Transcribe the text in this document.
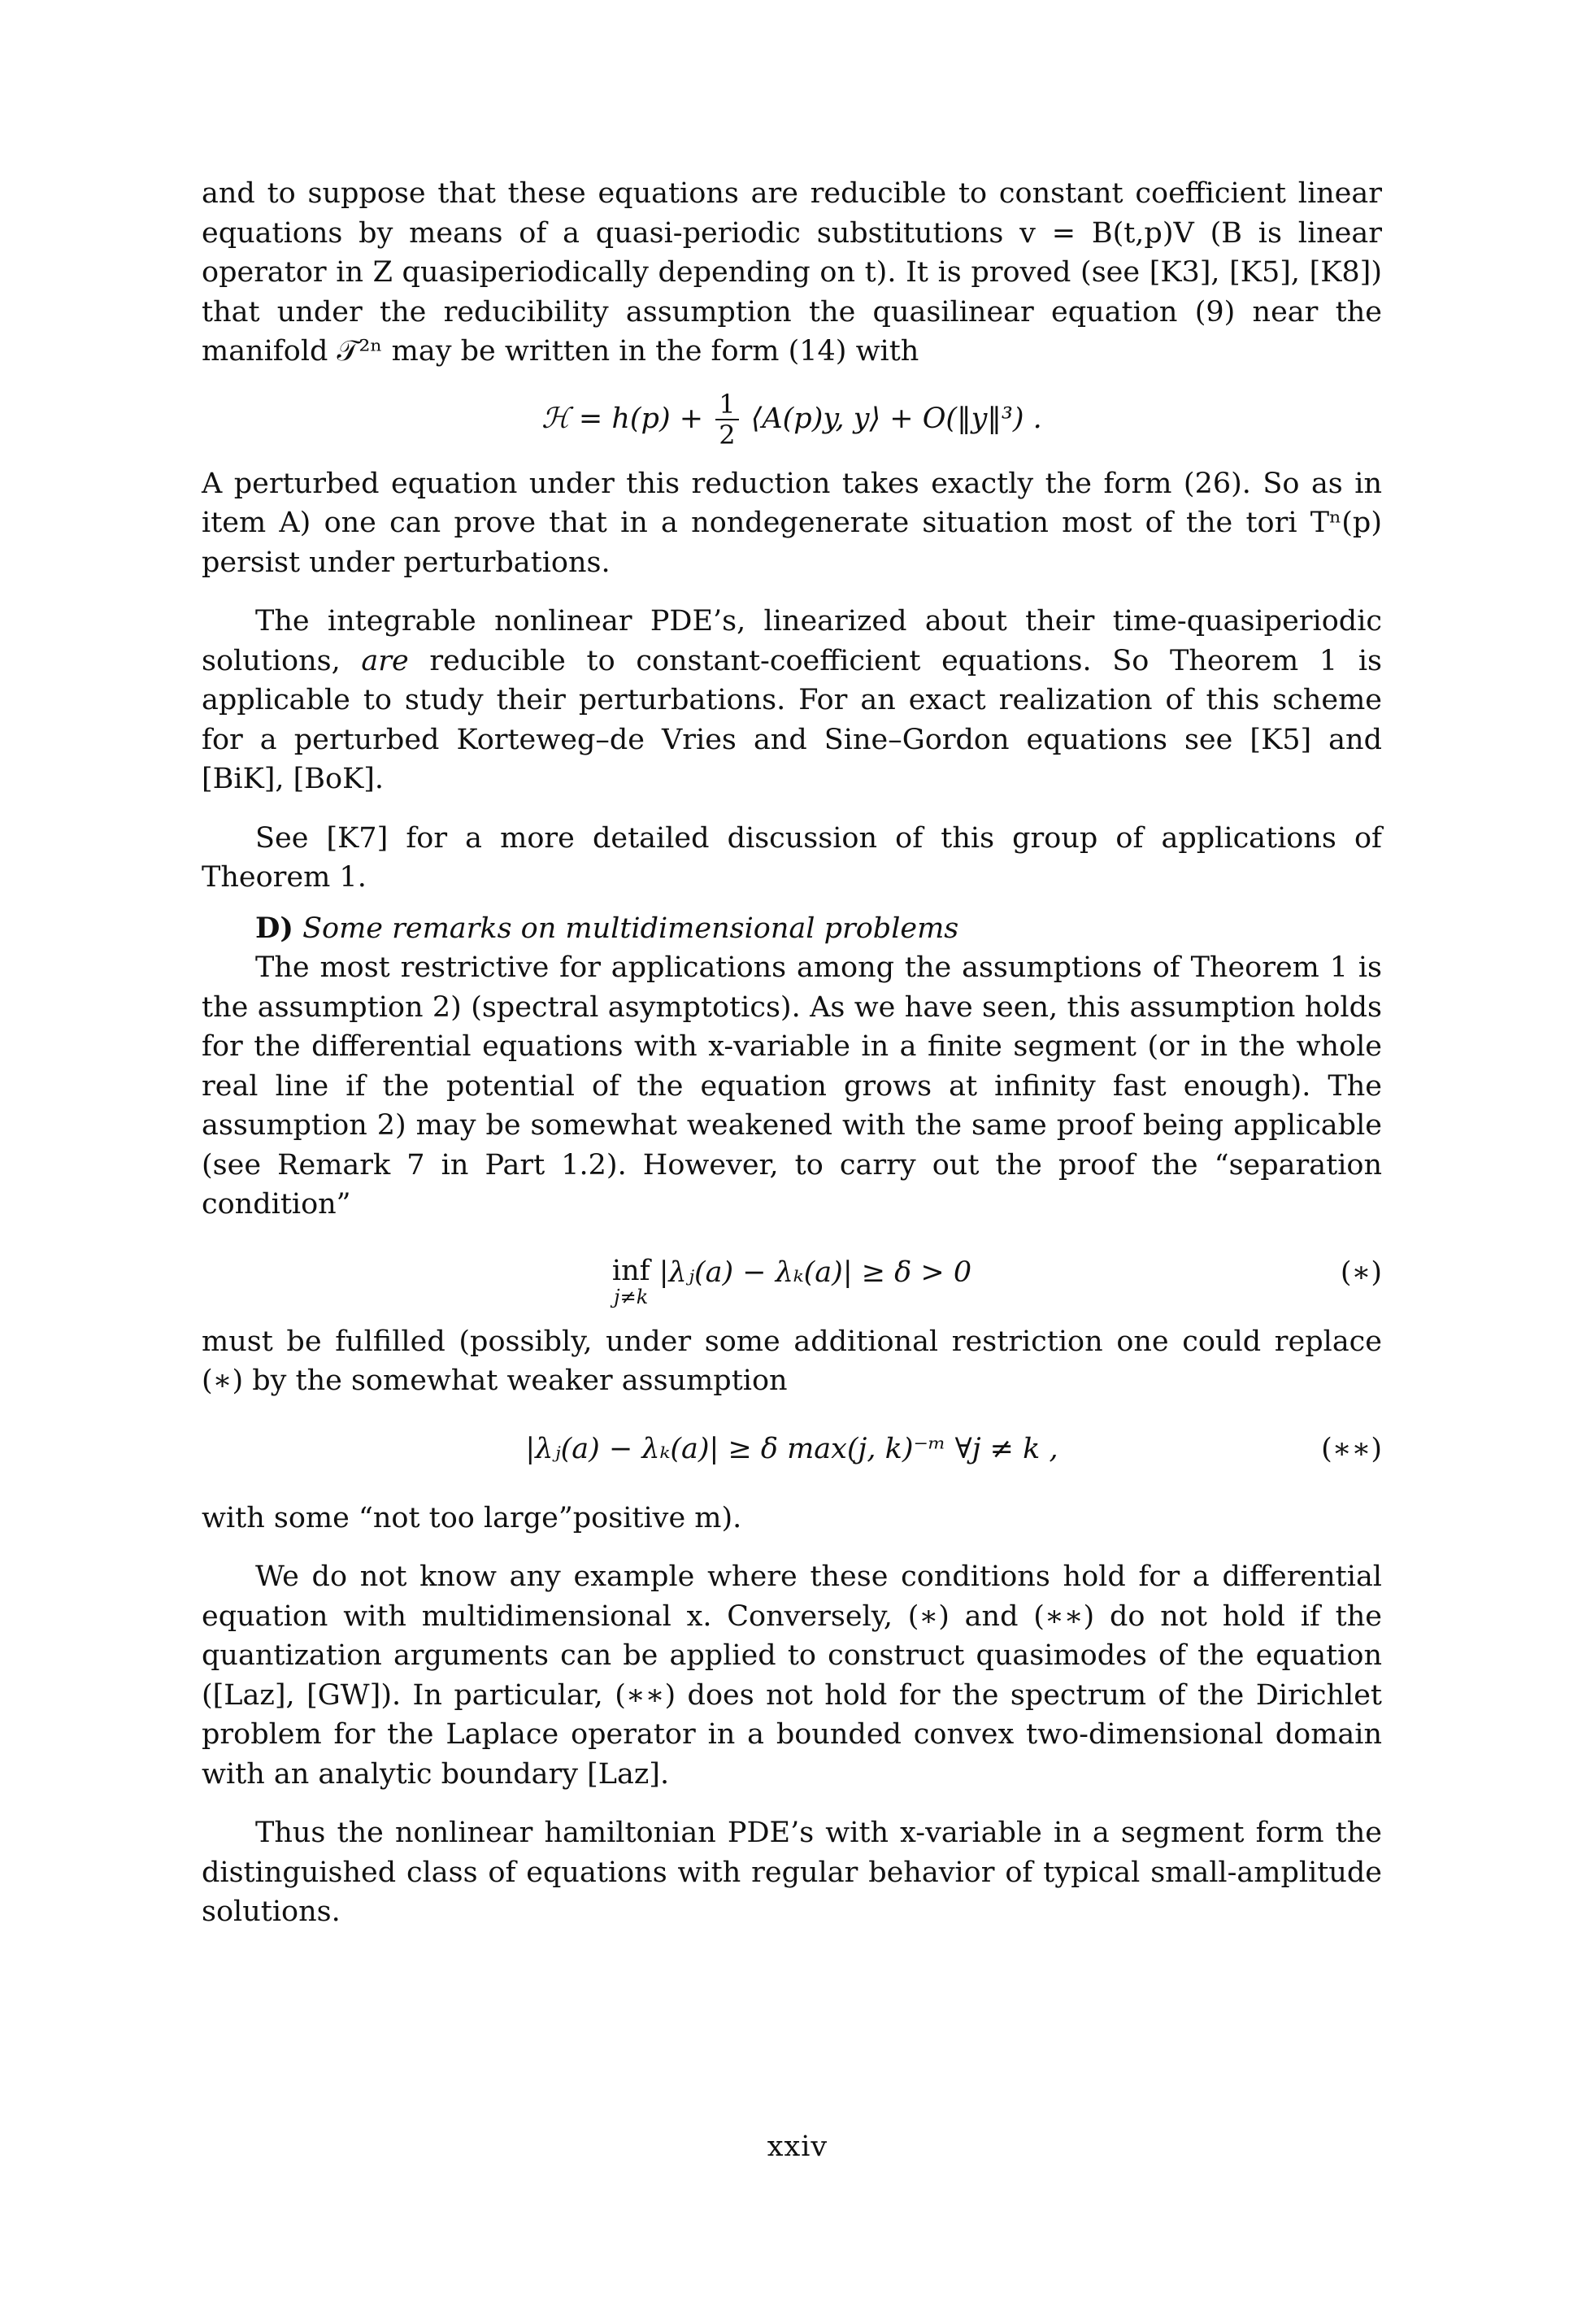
and to suppose that these equations are reducible to constant coefficient linear equations by means of a quasi-periodic substitutions v = B(t,p)V (B is linear operator in Z quasiperiodically depending on t). It is proved (see [K3], [K5], [K8]) that under the reducibility assumption the quasilinear equation (9) near the manifold 𝒯²ⁿ may be written in the form (14) with

ℋ = $h(p) + \frac{1}{2}$ ⟨A(p)y, y⟩ + O(‖y‖³) .

A perturbed equation under this reduction takes exactly the form (26). So as in item A) one can prove that in a nondegenerate situation most of the tori Tⁿ(p) persist under perturbations.

The integrable nonlinear PDE’s, linearized about their time-quasiperiodic solutions, are reducible to constant-coefficient equations. So Theorem 1 is applicable to study their perturbations. For an exact realization of this scheme for a perturbed Korteweg–de Vries and Sine–Gordon equations see [K5] and [BiK], [BoK].

See [K7] for a more detailed discussion of this group of applications of Theorem 1.

D) Some remarks on multidimensional problems

The most restrictive for applications among the assumptions of Theorem 1 is the assumption 2) (spectral asymptotics). As we have seen, this assumption holds for the differential equations with x-variable in a finite segment (or in the whole real line if the potential of the equation grows at infinity fast enough). The assumption 2) may be somewhat weakened with the same proof being applicable (see Remark 7 in Part 1.2). However, to carry out the proof the “separation condition”

inf
j≠k
|λⱼ(a) − λₖ(a)| ≥ δ > 0	(∗)

must be fulfilled (possibly, under some additional restriction one could replace (∗) by the somewhat weaker assumption

|λⱼ(a) − λₖ(a)| ≥ δ max(j, k)⁻ᵐ ∀j ≠ k ,	(∗∗)

with some “not too large”positive m).

We do not know any example where these conditions hold for a differential equation with multidimensional x. Conversely, (∗) and (∗∗) do not hold if the quantization arguments can be applied to construct quasimodes of the equation ([Laz], [GW]). In particular, (∗∗) does not hold for the spectrum of the Dirichlet problem for the Laplace operator in a bounded convex two-dimensional domain with an analytic boundary [Laz].

Thus the nonlinear hamiltonian PDE’s with x-variable in a segment form the distinguished class of equations with regular behavior of typical small-amplitude solutions.

xxiv
